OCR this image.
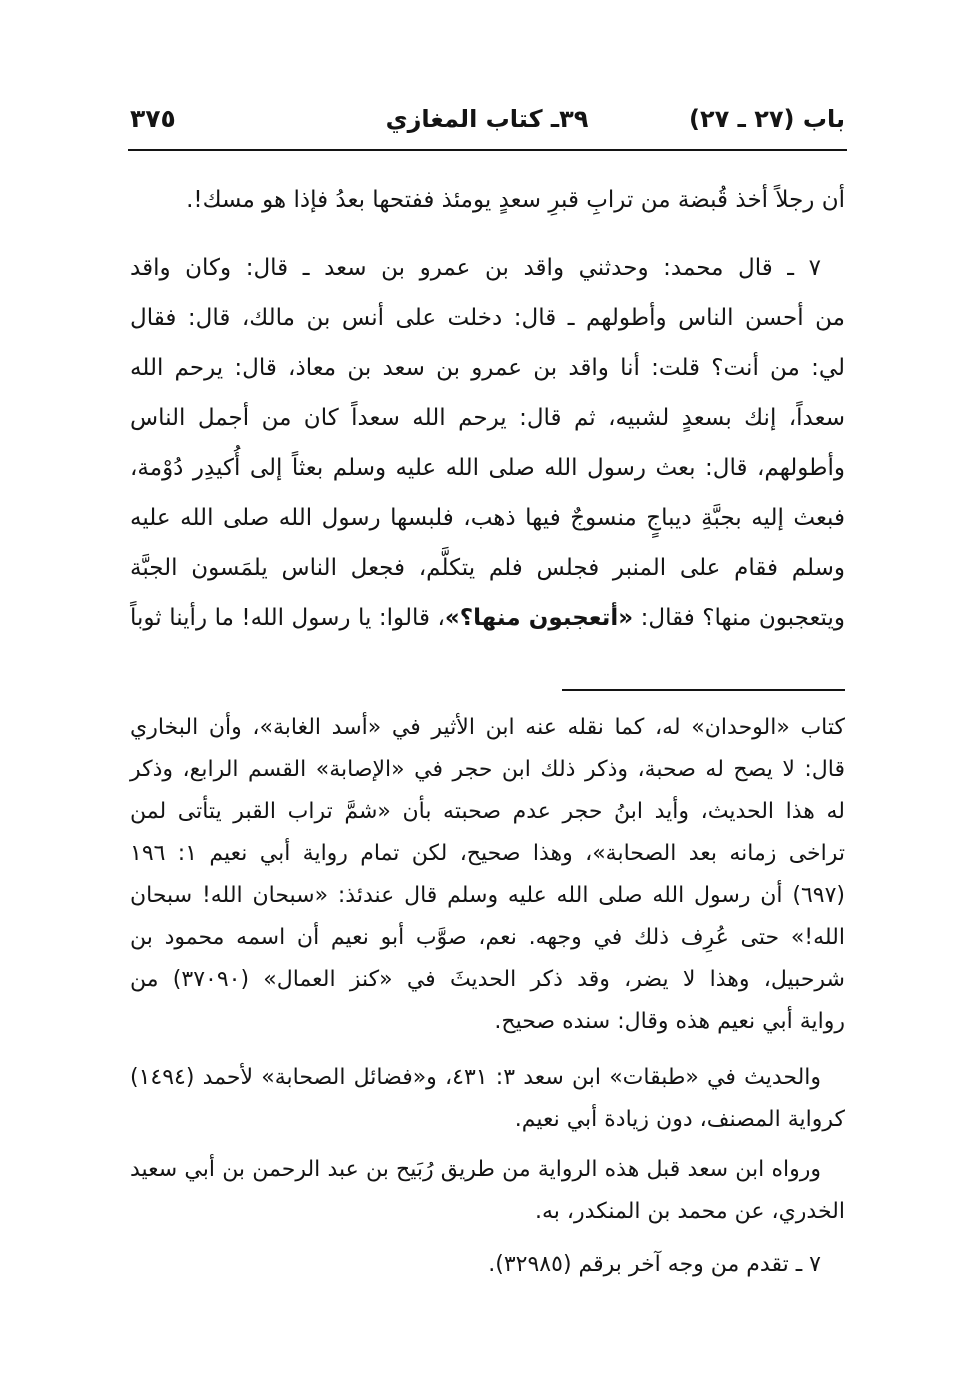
باب (٢٧ ـ ٢٧)
٣٩ـ كتاب المغازي
٣٧٥
أن رجلاً أخذ قُبضة من ترابِ قبرِ سعدٍ يومئذ ففتحها بعدُ فإذا هو مسك!.
٧ ـ قال محمد: وحدثني واقد بن عمرو بن سعد ـ قال: وكان واقد
من أحسن الناس وأطولهم ـ قال: دخلت على أنس بن مالك، قال: فقال
لي: من أنت؟ قلت: أنا واقد بن عمرو بن سعد بن معاذ، قال: يرحم الله
سعداً، إنك بسعدٍ لشبيه، ثم قال: يرحم الله سعداً كان من أجمل الناس
وأطولهم، قال: بعث رسول الله صلى الله عليه وسلم بعثاً إلى أُكيدِر دُوْمة،
فبعث إليه بجبَّةِ ديباجٍ منسوجٌ فيها ذهب، فلبسها رسول الله صلى الله عليه
وسلم فقام على المنبر فجلس فلم يتكلَّم، فجعل الناس يلمَسون الجبَّة
ويتعجبون منها؟ فقال: «أتعجبون منها؟»، قالوا: يا رسول الله! ما رأينا ثوباً
كتاب «الوحدان» له، كما نقله عنه ابن الأثير في «أسد الغابة»، وأن البخاري
قال: لا يصح له صحبة، وذكر ذلك ابن حجر في «الإصابة» القسم الرابع، وذكر
له هذا الحديث، وأيد ابنُ حجر عدم صحبته بأن «شمَّ تراب القبر يتأتى لمن
تراخى زمانه بعد الصحابة»، وهذا صحيح، لكن تمام رواية أبي نعيم ١: ١٩٦
(٦٩٧) أن رسول الله صلى الله عليه وسلم قال عندئذ: «سبحان الله! سبحان
الله!» حتى عُرِف ذلك في وجهه. نعم، صوَّب أبو نعيم أن اسمه محمود بن
شرحبيل، وهذا لا يضر، وقد ذكر الحديثَ في «كنز العمال» (٣٧٠٩٠) من
رواية أبي نعيم هذه وقال: سنده صحيح.
والحديث في «طبقات» ابن سعد ٣: ٤٣١، و«فضائل الصحابة» لأحمد (١٤٩٤)
كرواية المصنف، دون زيادة أبي نعيم.
ورواه ابن سعد قبل هذه الرواية من طريق رُبَيح بن عبد الرحمن بن أبي سعيد
الخدري، عن محمد بن المنكدر، به.
٧ ـ تقدم من وجه آخر برقم (٣٢٩٨٥).
